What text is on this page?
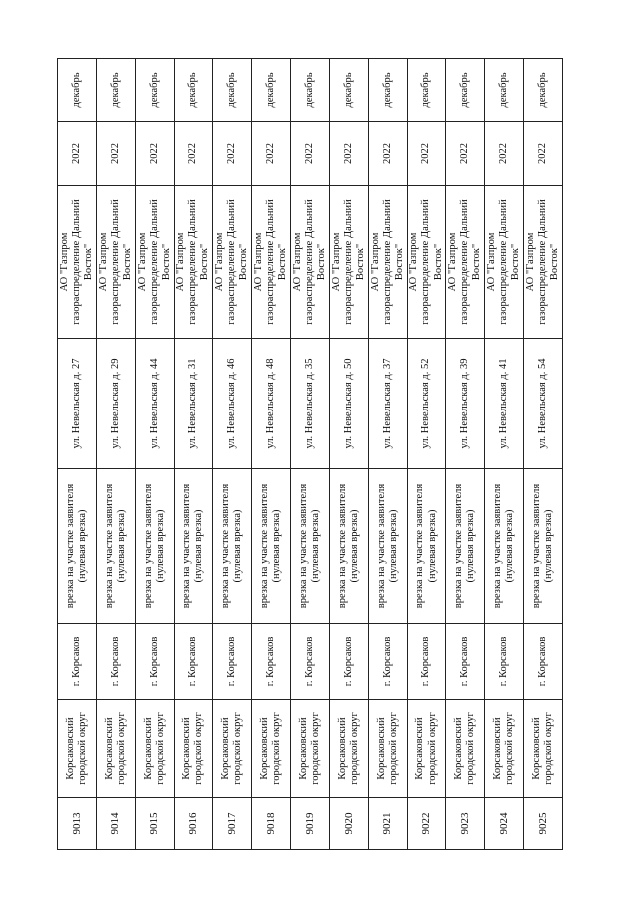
9013	Корсаковский городской округ	г. Корсаков	врезка на участке заявителя (нулевая врезка)	ул. Невельская д. 27	АО "Газпром газораспределение Дальний Восток"	2022	декабрь
9014	Корсаковский городской округ	г. Корсаков	врезка на участке заявителя (нулевая врезка)	ул. Невельская д. 29	АО "Газпром газораспределение Дальний Восток"	2022	декабрь
9015	Корсаковский городской округ	г. Корсаков	врезка на участке заявителя (нулевая врезка)	ул. Невельская д. 44	АО "Газпром газораспределение Дальний Восток"	2022	декабрь
9016	Корсаковский городской округ	г. Корсаков	врезка на участке заявителя (нулевая врезка)	ул. Невельская д. 31	АО "Газпром газораспределение Дальний Восток"	2022	декабрь
9017	Корсаковский городской округ	г. Корсаков	врезка на участке заявителя (нулевая врезка)	ул. Невельская д. 46	АО "Газпром газораспределение Дальний Восток"	2022	декабрь
9018	Корсаковский городской округ	г. Корсаков	врезка на участке заявителя (нулевая врезка)	ул. Невельская д. 48	АО "Газпром газораспределение Дальний Восток"	2022	декабрь
9019	Корсаковский городской округ	г. Корсаков	врезка на участке заявителя (нулевая врезка)	ул. Невельская д. 35	АО "Газпром газораспределение Дальний Восток"	2022	декабрь
9020	Корсаковский городской округ	г. Корсаков	врезка на участке заявителя (нулевая врезка)	ул. Невельская д. 50	АО "Газпром газораспределение Дальний Восток"	2022	декабрь
9021	Корсаковский городской округ	г. Корсаков	врезка на участке заявителя (нулевая врезка)	ул. Невельская д. 37	АО "Газпром газораспределение Дальний Восток"	2022	декабрь
9022	Корсаковский городской округ	г. Корсаков	врезка на участке заявителя (нулевая врезка)	ул. Невельская д. 52	АО "Газпром газораспределение Дальний Восток"	2022	декабрь
9023	Корсаковский городской округ	г. Корсаков	врезка на участке заявителя (нулевая врезка)	ул. Невельская д. 39	АО "Газпром газораспределение Дальний Восток"	2022	декабрь
9024	Корсаковский городской округ	г. Корсаков	врезка на участке заявителя (нулевая врезка)	ул. Невельская д. 41	АО "Газпром газораспределение Дальний Восток"	2022	декабрь
9025	Корсаковский городской округ	г. Корсаков	врезка на участке заявителя (нулевая врезка)	ул. Невельская д. 54	АО "Газпром газораспределение Дальний Восток"	2022	декабрь
